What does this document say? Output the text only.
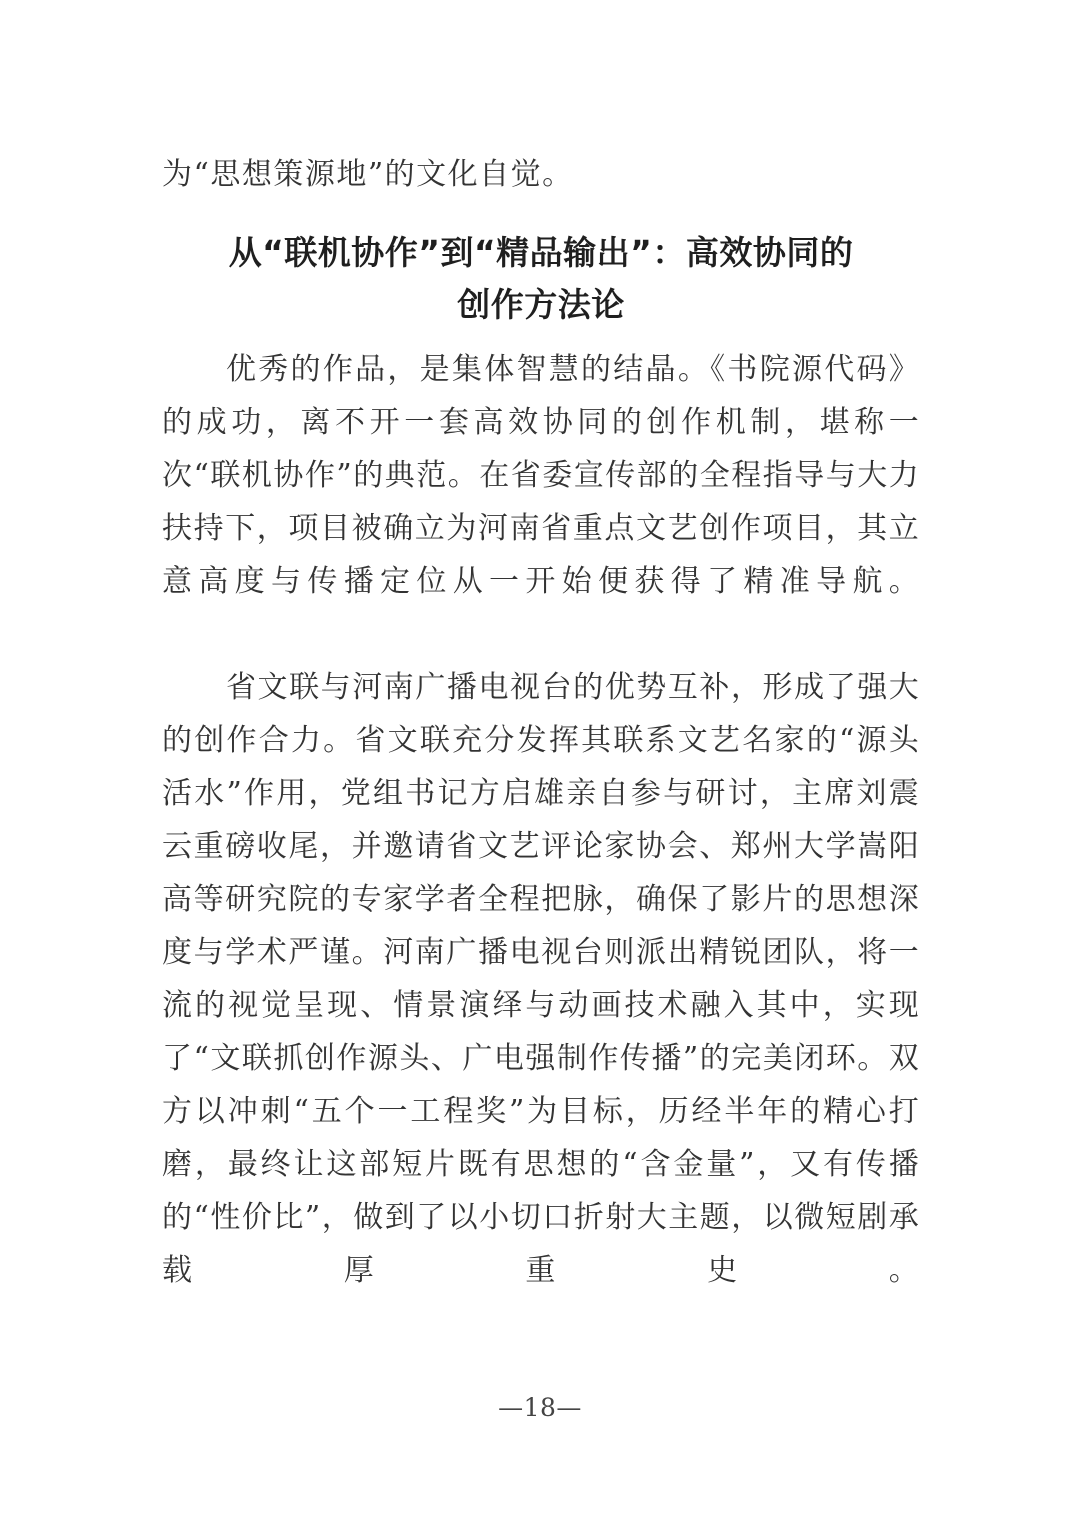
为“思想策源地”的文化自觉。
从“联机协作”到“精品输出”：高效协同的
创作方法论

优秀的作品，是集体智慧的结晶。《书院源代码》的成功，离不开一套高效协同的创作机制，堪称一次“联机协作”的典范。在省委宣传部的全程指导与大力扶持下，项目被确立为河南省重点文艺创作项目，其立意高度与传播定位从一开始便获得了精准导航。

省文联与河南广播电视台的优势互补，形成了强大的创作合力。省文联充分发挥其联系文艺名家的“源头活水”作用，党组书记方启雄亲自参与研讨，主席刘震云重磅收尾，并邀请省文艺评论家协会、郑州大学嵩阳高等研究院的专家学者全程把脉，确保了影片的思想深度与学术严谨。河南广播电视台则派出精锐团队，将一流的视觉呈现、情景演绎与动画技术融入其中，实现了“文联抓创作源头、广电强制作传播”的完美闭环。双方以冲刺“五个一工程奖”为目标，历经半年的精心打磨，最终让这部短片既有思想的“含金量”，又有传播的“性价比”，做到了以小切口折射大主题，以微短剧承载厚重史。

—18—
